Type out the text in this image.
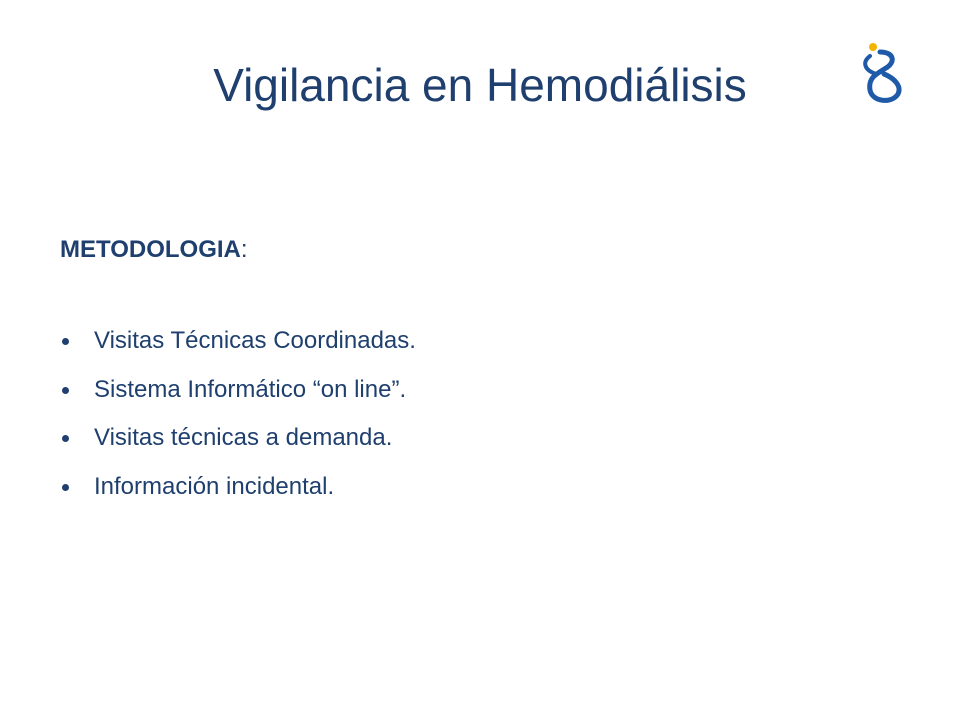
Vigilancia en Hemodiálisis

METODOLOGIA:

Visitas Técnicas Coordinadas.
Sistema Informático “on line”.
Visitas técnicas a demanda.
Información incidental.
